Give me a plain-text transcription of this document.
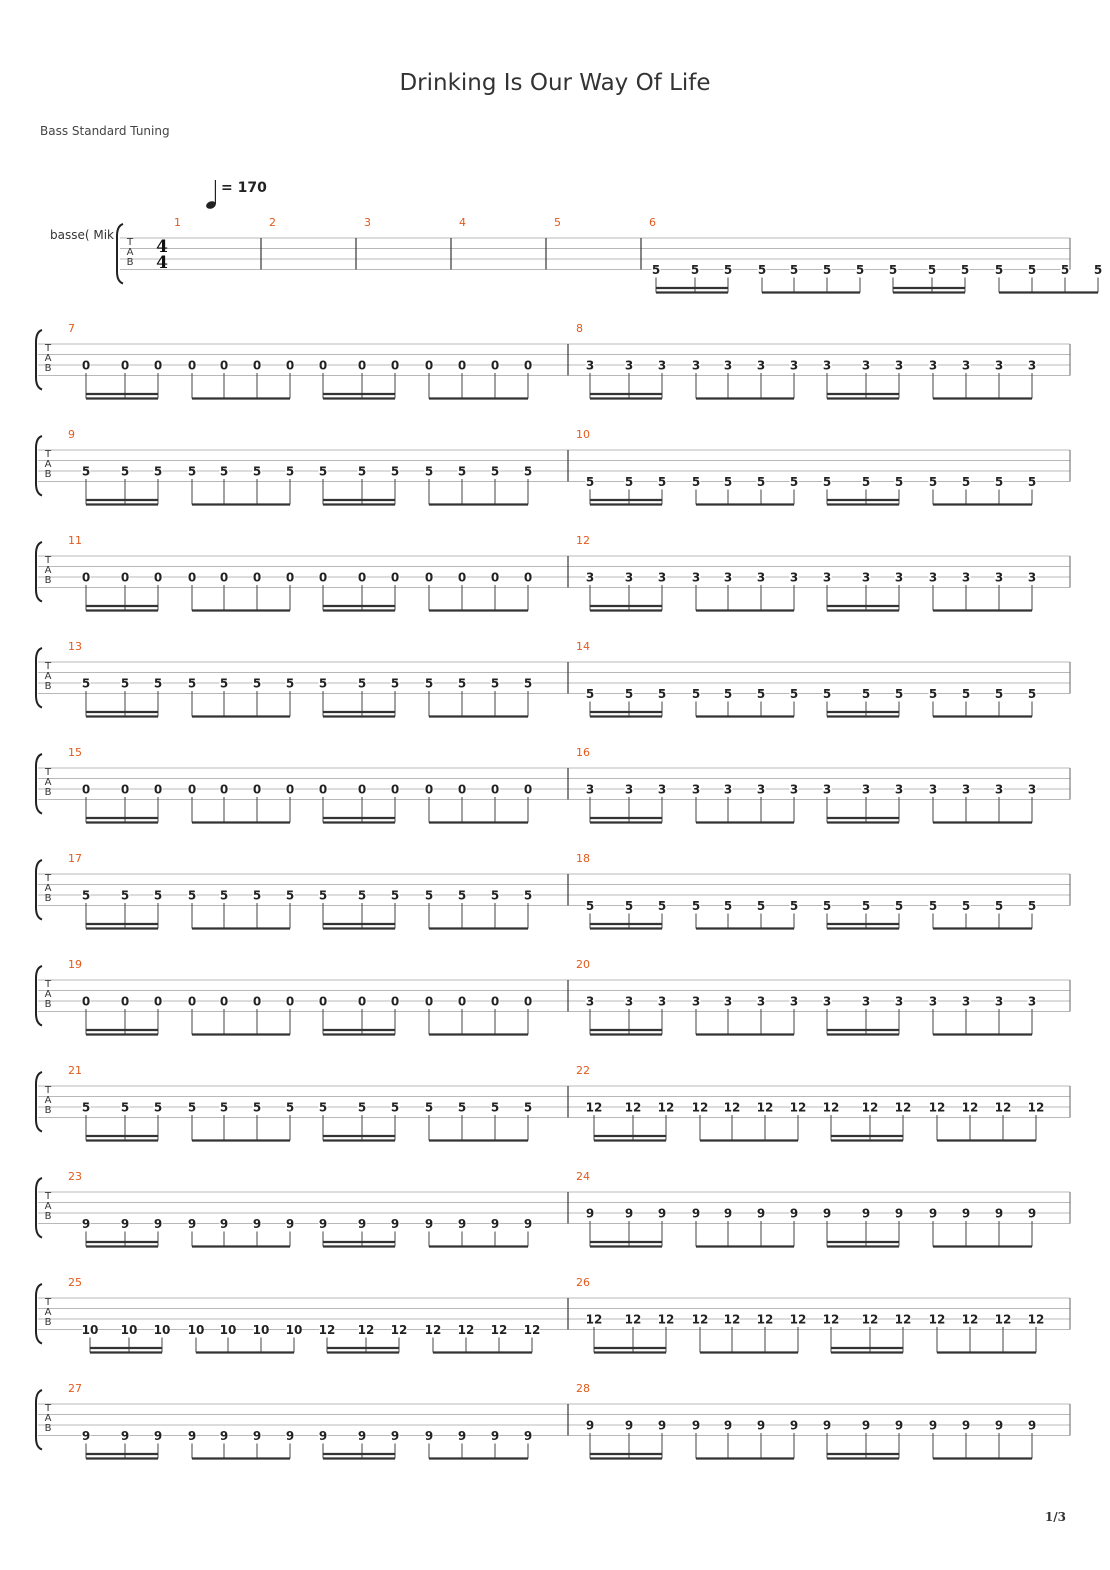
Drinking Is Our Way Of Life
Bass Standard Tuning
= 170
basse( Mik
1/3
T
A
B
4
4
1	2	3	4	5	6
5	5 5 5 5 5 5 5	5 5 5 5 5 5
T
A
B
7
0	0 0 0 0 0 0 0	0 0 0 0 0 0
8
3	3 3 3 3 3 3 3	3 3 3 3 3 3
T
A
B
9
5	5 5 5 5 5 5 5	5 5 5 5 5 5
10
5	5 5 5 5 5 5 5	5 5 5 5 5 5
T
A
B
11
0	0 0 0 0 0 0 0	0 0 0 0 0 0
12
3	3 3 3 3 3 3 3	3 3 3 3 3 3
T
A
B
13
5	5 5 5 5 5 5 5	5 5 5 5 5 5
14
5	5 5 5 5 5 5 5	5 5 5 5 5 5
T
A
B
15
0	0 0 0 0 0 0 0	0 0 0 0 0 0
16
3	3 3 3 3 3 3 3	3 3 3 3 3 3
T
A
B
17
5	5 5 5 5 5 5 5	5 5 5 5 5 5
18
5	5 5 5 5 5 5 5	5 5 5 5 5 5
T
A
B
19
0	0 0 0 0 0 0 0	0 0 0 0 0 0
20
3	3 3 3 3 3 3 3	3 3 3 3 3 3
T
A
B
21
5	5 5 5 5 5 5 5	5 5 5 5 5 5
22
12 12 12 12 12 12 12 12 12 12 12 12 12 12
T
A
B
23
9	9 9 9 9 9 9 9	9 9 9 9 9 9
24
9	9 9 9 9 9 9 9	9 9 9 9 9 9
T
A
B
25
10 10 10 10 10 10 10 12 12 12 12 12 12 12
26
12 12 12 12 12 12 12 12 12 12 12 12 12 12
T
A
B
27
9	9 9 9 9 9 9 9	9 9 9 9 9 9
28
9	9 9 9 9 9 9 9	9 9 9 9 9 9
